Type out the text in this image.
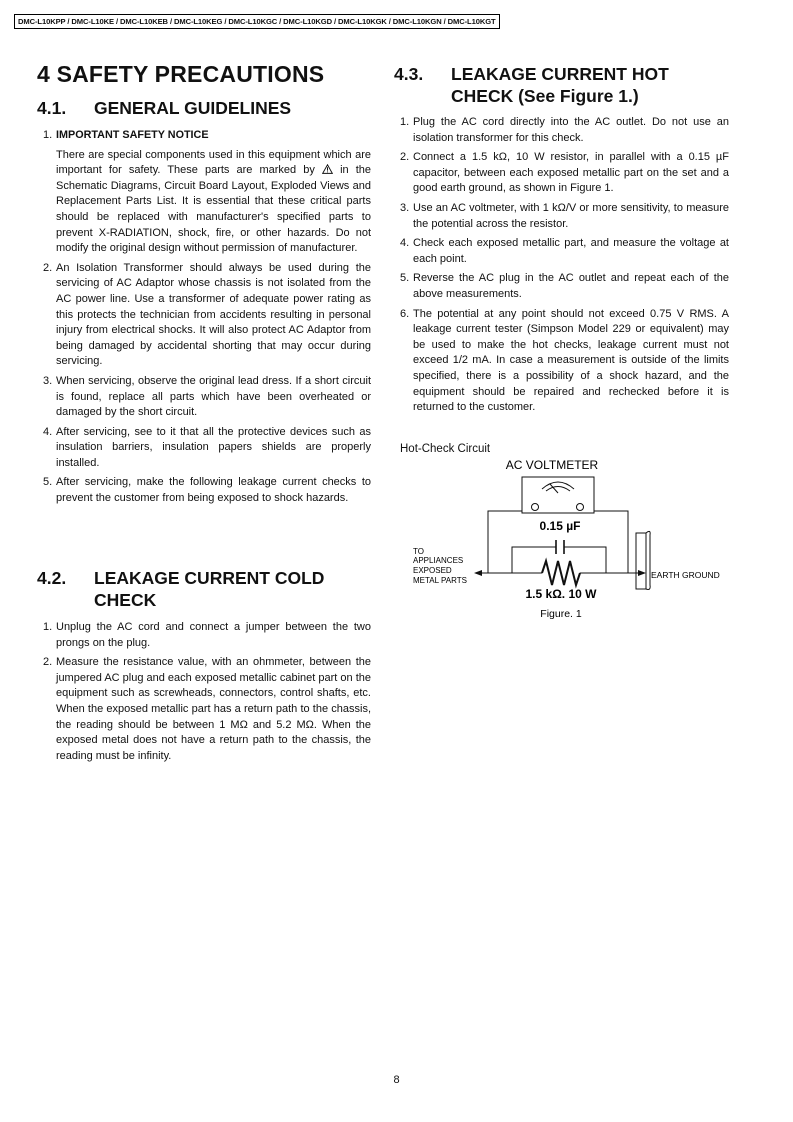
DMC-L10KPP / DMC-L10KE / DMC-L10KEB / DMC-L10KEG / DMC-L10KGC / DMC-L10KGD / DMC-L10KGK / DMC-L10KGN / DMC-L10KGT
4 SAFETY PRECAUTIONS
4.1. GENERAL GUIDELINES
1. IMPORTANT SAFETY NOTICE
There are special components used in this equipment which are important for safety. These parts are marked by in the Schematic Diagrams, Circuit Board Layout, Exploded Views and Replacement Parts List. It is essential that these critical parts should be replaced with manufacturer's specified parts to prevent X-RADIATION, shock, fire, or other hazards. Do not modify the original design without permission of manufacturer.
2. An Isolation Transformer should always be used during the servicing of AC Adaptor whose chassis is not isolated from the AC power line. Use a transformer of adequate power rating as this protects the technician from accidents resulting in personal injury from electrical shocks. It will also protect AC Adaptor from being damaged by accidental shorting that may occur during servicing.
3. When servicing, observe the original lead dress. If a short circuit is found, replace all parts which have been overheated or damaged by the short circuit.
4. After servicing, see to it that all the protective devices such as insulation barriers, insulation papers shields are properly installed.
5. After servicing, make the following leakage current checks to prevent the customer from being exposed to shock hazards.
4.2. LEAKAGE CURRENT COLD
CHECK
1. Unplug the AC cord and connect a jumper between the two prongs on the plug.
2. Measure the resistance value, with an ohmmeter, between the jumpered AC plug and each exposed metallic cabinet part on the equipment such as screwheads, connectors, control shafts, etc. When the exposed metallic part has a return path to the chassis, the reading should be between 1 MΩ and 5.2 MΩ. When the exposed metal does not have a return path to the chassis, the reading must be infinity.
4.3. LEAKAGE CURRENT HOT
CHECK (See Figure 1.)
1. Plug the AC cord directly into the AC outlet. Do not use an isolation transformer for this check.
2. Connect a 1.5 kΩ, 10 W resistor, in parallel with a 0.15 µF capacitor, between each exposed metallic part on the set and a good earth ground, as shown in Figure 1.
3. Use an AC voltmeter, with 1 kΩ/V or more sensitivity, to measure the potential across the resistor.
4. Check each exposed metallic part, and measure the voltage at each point.
5. Reverse the AC plug in the AC outlet and repeat each of the above measurements.
6. The potential at any point should not exceed 0.75 V RMS. A leakage current tester (Simpson Model 229 or equivalent) may be used to make the hot checks, leakage current must not exceed 1/2 mA. In case a measurement is outside of the limits specified, there is a possibility of a shock hazard, and the equipment should be repaired and rechecked before it is returned to the customer.
Hot-Check Circuit
AC VOLTMETER
0.15 µF
1.5 kΩ. 10 W
TO
APPLIANCES
EXPOSED
METAL PARTS
EARTH GROUND
Figure. 1
8
